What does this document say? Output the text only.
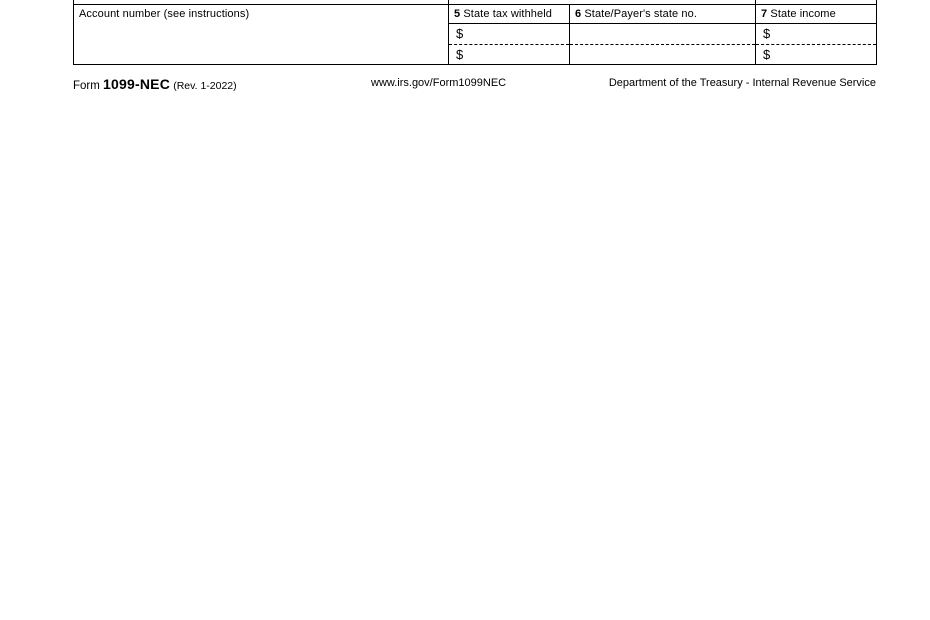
Account number (see instructions)	5 State tax withheld	6 State/Payer's state no.	7 State income

	$		$

	$		$
Form 1099-NEC (Rev. 1-2022)	www.irs.gov/Form1099NEC	Department of the Treasury - Internal Revenue Service
